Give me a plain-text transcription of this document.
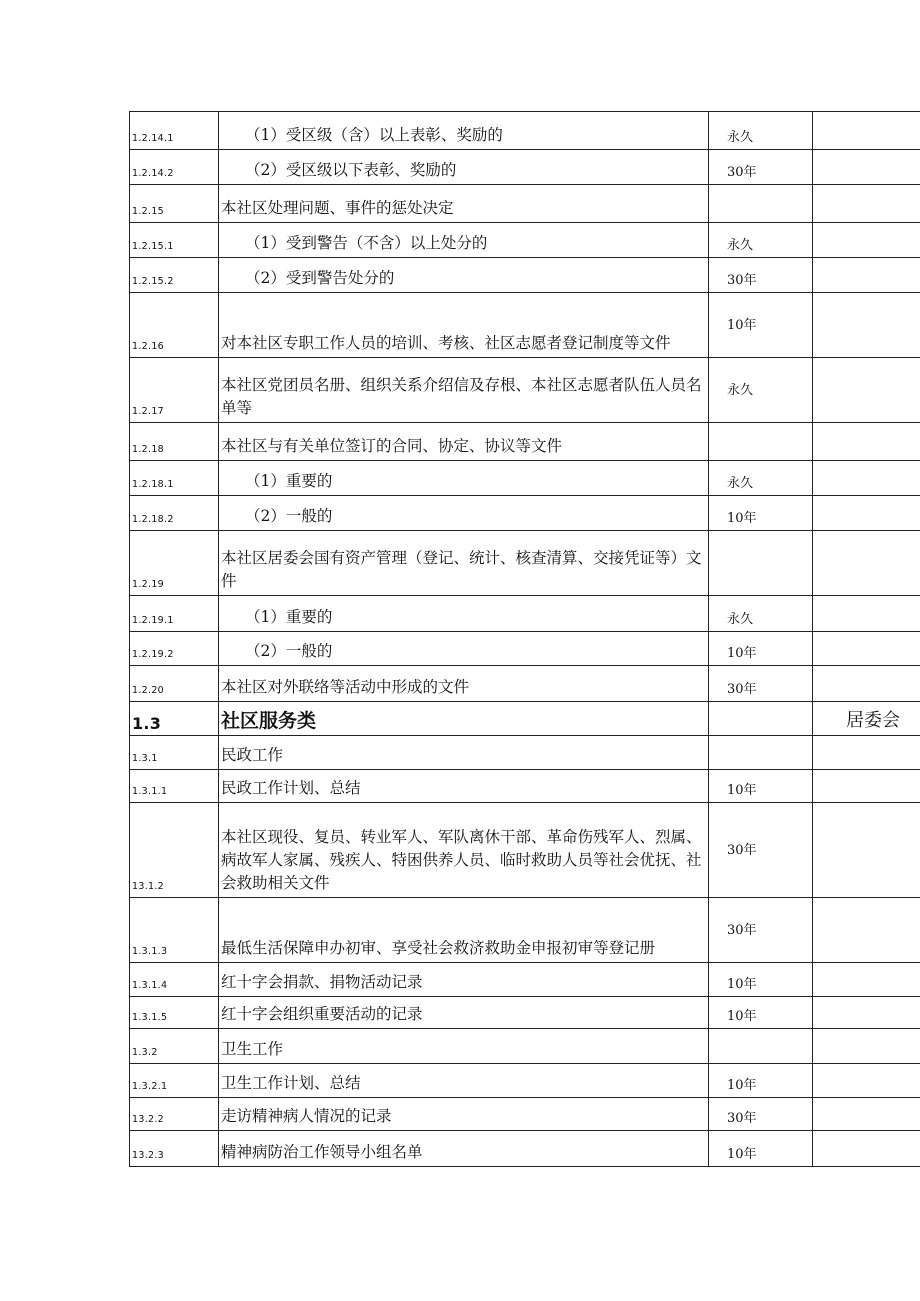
1.2.14.1	（1）受区级（含）以上表彰、奖励的	永久	
1.2.14.2	（2）受区级以下表彰、奖励的	30年	
1.2.15	本社区处理问题、事件的惩处决定		
1.2.15.1	（1）受到警告（不含）以上处分的	永久	
1.2.15.2	（2）受到警告处分的	30年	
1.2.16	对本社区专职工作人员的培训、考核、社区志愿者登记制度等文件	10年	
1.2.17	本社区党团员名册、组织关系介绍信及存根、本社区志愿者队伍人员名单等	永久	
1.2.18	本社区与有关单位签订的合同、协定、协议等文件		
1.2.18.1	（1）重要的	永久	
1.2.18.2	（2）一般的	10年	
1.2.19	本社区居委会国有资产管理（登记、统计、核查清算、交接凭证等）文件		
1.2.19.1	（1）重要的	永久	
1.2.19.2	（2）一般的	10年	
1.2.20	本社区对外联络等活动中形成的文件	30年	
1.3	社区服务类		居委会
1.3.1	民政工作		
1.3.1.1	民政工作计划、总结	10年	
13.1.2	本社区现役、复员、转业军人、军队离休干部、革命伤残军人、烈属、病故军人家属、残疾人、特困供养人员、临时救助人员等社会优抚、社会救助相关文件	30年	
1.3.1.3	最低生活保障申办初审、享受社会救济救助金申报初审等登记册	30年	
1.3.1.4	红十字会捐款、捐物活动记录	10年	
1.3.1.5	红十字会组织重要活动的记录	10年	
1.3.2	卫生工作		
1.3.2.1	卫生工作计划、总结	10年	
13.2.2	走访精神病人情况的记录	30年	
13.2.3	精神病防治工作领导小组名单	10年	
